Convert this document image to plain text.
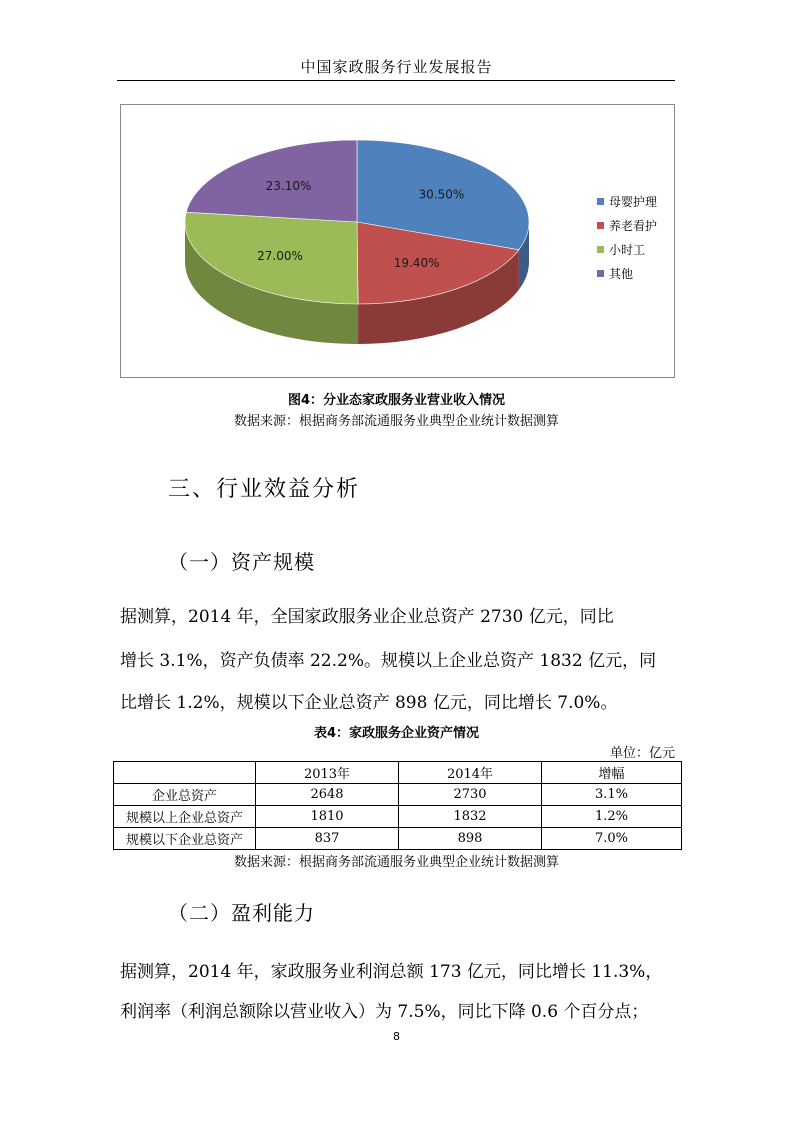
中国家政服务行业发展报告
30.50%
19.40%
27.00%
23.10%
母婴护理
养老看护
小时工
其他
图4：分业态家政服务业营业收入情况
数据来源：根据商务部流通服务业典型企业统计数据测算
三、行业效益分析
（一）资产规模
据测算，2014 年，全国家政服务业企业总资产 2730 亿元，同比
增长 3.1%，资产负债率 22.2%。规模以上企业总资产 1832 亿元，同
比增长 1.2%，规模以下企业总资产 898 亿元，同比增长 7.0%。
表4：家政服务企业资产情况
单位：亿元
	2013年	2014年	增幅
企业总资产	2648	2730	3.1%
规模以上企业总资产	1810	1832	1.2%
规模以下企业总资产	837	898	7.0%
数据来源：根据商务部流通服务业典型企业统计数据测算
（二）盈利能力
据测算，2014 年，家政服务业利润总额 173 亿元，同比增长 11.3%，
利润率（利润总额除以营业收入）为 7.5%，同比下降 0.6 个百分点；
8
